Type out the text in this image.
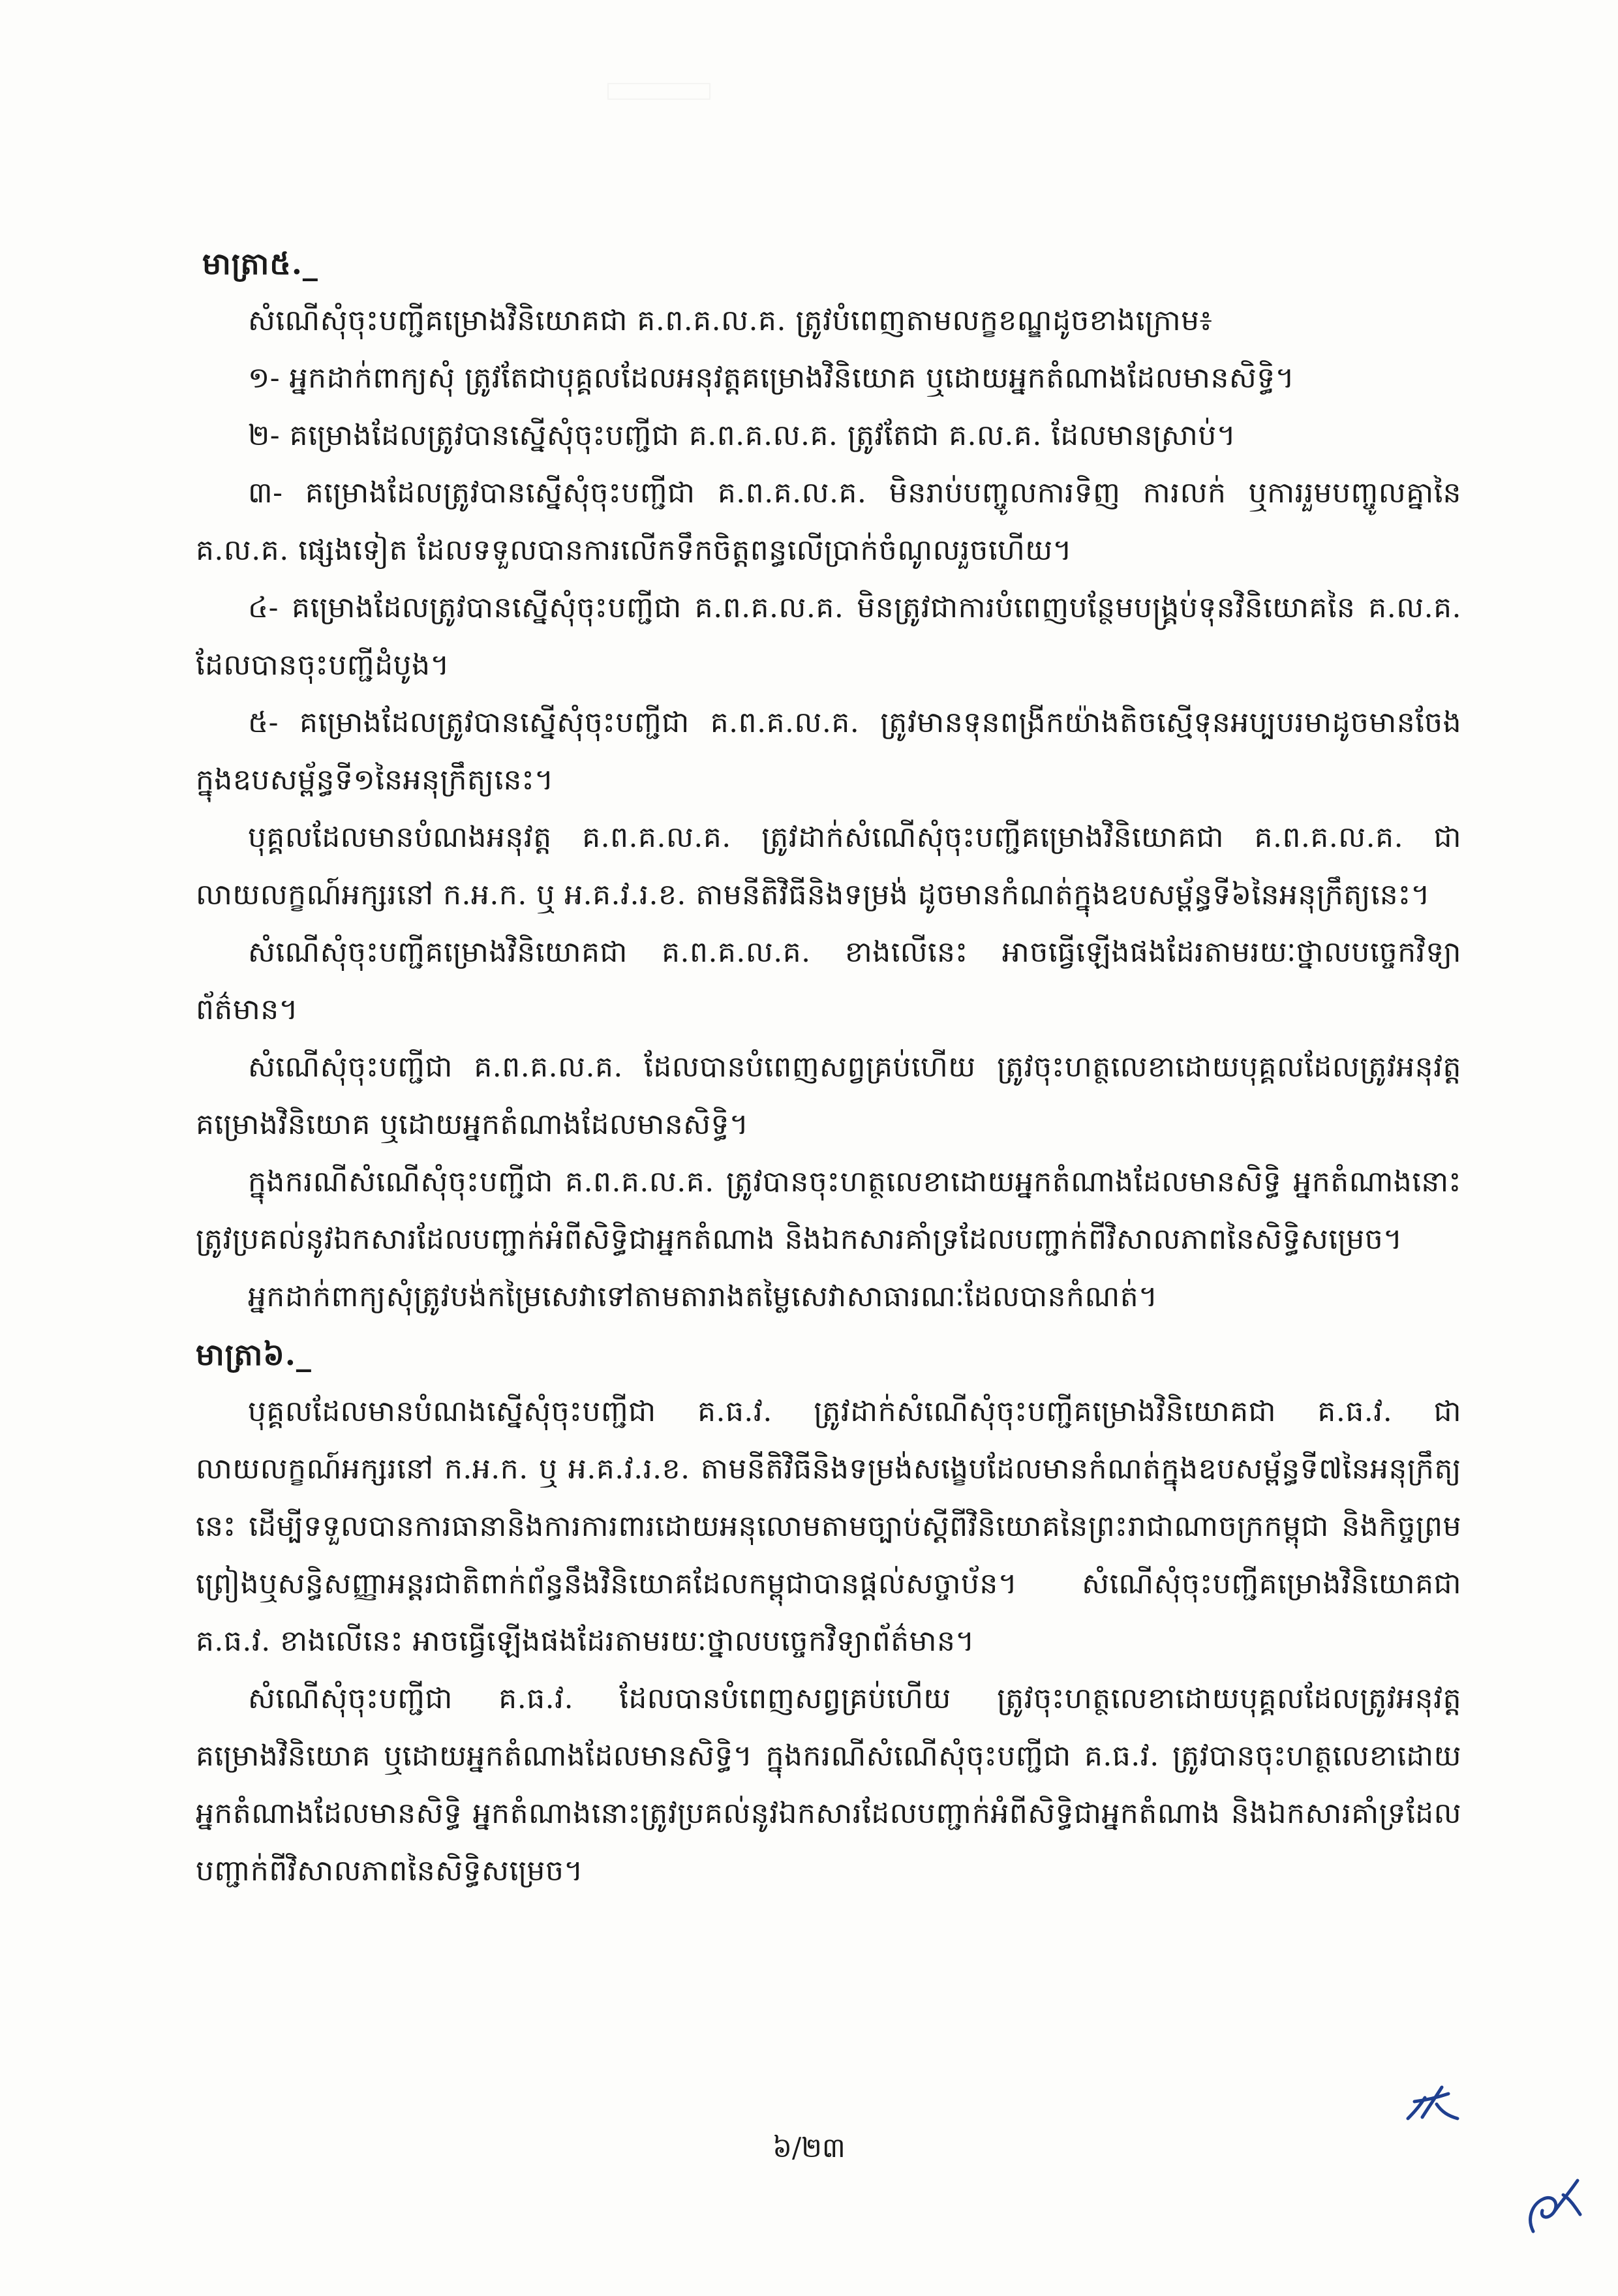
មាត្រា៥._

សំណើសុំចុះបញ្ជីគម្រោងវិនិយោគជា គ.ព.គ.ល.គ. ត្រូវបំពេញតាមលក្ខខណ្ឌដូចខាងក្រោម៖

១- អ្នកដាក់ពាក្យសុំ ត្រូវតែជាបុគ្គលដែលអនុវត្តគម្រោងវិនិយោគ ឬដោយអ្នកតំណាងដែលមានសិទ្ធិ។

២- គម្រោងដែលត្រូវបានស្នើសុំចុះបញ្ជីជា គ.ព.គ.ល.គ. ត្រូវតែជា គ.ល.គ. ដែលមានស្រាប់។

៣- គម្រោងដែលត្រូវបានស្នើសុំចុះបញ្ជីជា គ.ព.គ.ល.គ. មិនរាប់បញ្ចូលការទិញ ការលក់ ឬការរួមបញ្ចូលគ្នានៃ គ.ល.គ. ផ្សេងទៀត ដែលទទួលបានការលើកទឹកចិត្តពន្ធលើប្រាក់ចំណូលរួចហើយ។

៤- គម្រោងដែលត្រូវបានស្នើសុំចុះបញ្ជីជា គ.ព.គ.ល.គ. មិនត្រូវជាការបំពេញបន្ថែមបង្គ្រប់ទុនវិនិយោគនៃ គ.ល.គ. ដែលបានចុះបញ្ជីដំបូង។

៥- គម្រោងដែលត្រូវបានស្នើសុំចុះបញ្ជីជា គ.ព.គ.ល.គ. ត្រូវមានទុនពង្រីកយ៉ាងតិចស្មើទុនអប្បបរមាដូចមានចែងក្នុងឧបសម្ព័ន្ធទី១នៃអនុក្រឹត្យនេះ។

បុគ្គលដែលមានបំណងអនុវត្ត គ.ព.គ.ល.គ. ត្រូវដាក់សំណើសុំចុះបញ្ជីគម្រោងវិនិយោគជា គ.ព.គ.ល.គ. ជាលាយលក្ខណ៍អក្សរនៅ ក.អ.ក. ឬ អ.គ.វ.រ.ខ. តាមនីតិវិធីនិងទម្រង់ ដូចមានកំណត់ក្នុងឧបសម្ព័ន្ធទី៦នៃអនុក្រឹត្យនេះ។

សំណើសុំចុះបញ្ជីគម្រោងវិនិយោគជា គ.ព.គ.ល.គ. ខាងលើនេះ អាចធ្វើឡើងផងដែរតាមរយៈថ្នាលបច្ចេកវិទ្យាព័ត៌មាន។

សំណើសុំចុះបញ្ជីជា គ.ព.គ.ល.គ. ដែលបានបំពេញសព្វគ្រប់ហើយ ត្រូវចុះហត្ថលេខាដោយបុគ្គលដែលត្រូវអនុវត្តគម្រោងវិនិយោគ ឬដោយអ្នកតំណាងដែលមានសិទ្ធិ។

ក្នុងករណីសំណើសុំចុះបញ្ជីជា គ.ព.គ.ល.គ. ត្រូវបានចុះហត្ថលេខាដោយអ្នកតំណាងដែលមានសិទ្ធិ អ្នកតំណាងនោះត្រូវប្រគល់នូវឯកសារដែលបញ្ជាក់អំពីសិទ្ធិជាអ្នកតំណាង និងឯកសារគាំទ្រដែលបញ្ជាក់ពីវិសាលភាពនៃសិទ្ធិសម្រេច។

អ្នកដាក់ពាក្យសុំត្រូវបង់កម្រៃសេវាទៅតាមតារាងតម្លៃសេវាសាធារណៈដែលបានកំណត់។

មាត្រា៦._

បុគ្គលដែលមានបំណងស្នើសុំចុះបញ្ជីជា គ.ធ.វ. ត្រូវដាក់សំណើសុំចុះបញ្ជីគម្រោងវិនិយោគជា គ.ធ.វ. ជាលាយលក្ខណ៍អក្សរនៅ ក.អ.ក. ឬ អ.គ.វ.រ.ខ. តាមនីតិវិធីនិងទម្រង់សង្ខេបដែលមានកំណត់ក្នុងឧបសម្ព័ន្ធទី៧នៃអនុក្រឹត្យនេះ ដើម្បីទទួលបានការធានានិងការការពារដោយអនុលោមតាមច្បាប់ស្តីពីវិនិយោគនៃព្រះរាជាណាចក្រកម្ពុជា និងកិច្ចព្រមព្រៀងឬសន្ធិសញ្ញាអន្តរជាតិពាក់ព័ន្ធនឹងវិនិយោគដែលកម្ពុជាបានផ្តល់សច្ចាប័ន។ សំណើសុំចុះបញ្ជីគម្រោងវិនិយោគជា គ.ធ.វ. ខាងលើនេះ អាចធ្វើឡើងផងដែរតាមរយៈថ្នាលបច្ចេកវិទ្យាព័ត៌មាន។

សំណើសុំចុះបញ្ជីជា គ.ធ.វ. ដែលបានបំពេញសព្វគ្រប់ហើយ ត្រូវចុះហត្ថលេខាដោយបុគ្គលដែលត្រូវអនុវត្តគម្រោងវិនិយោគ ឬដោយអ្នកតំណាងដែលមានសិទ្ធិ។ ក្នុងករណីសំណើសុំចុះបញ្ជីជា គ.ធ.វ. ត្រូវបានចុះហត្ថលេខាដោយអ្នកតំណាងដែលមានសិទ្ធិ អ្នកតំណាងនោះត្រូវប្រគល់នូវឯកសារដែលបញ្ជាក់អំពីសិទ្ធិជាអ្នកតំណាង និងឯកសារគាំទ្រដែលបញ្ជាក់ពីវិសាលភាពនៃសិទ្ធិសម្រេច។

៦/២៣
